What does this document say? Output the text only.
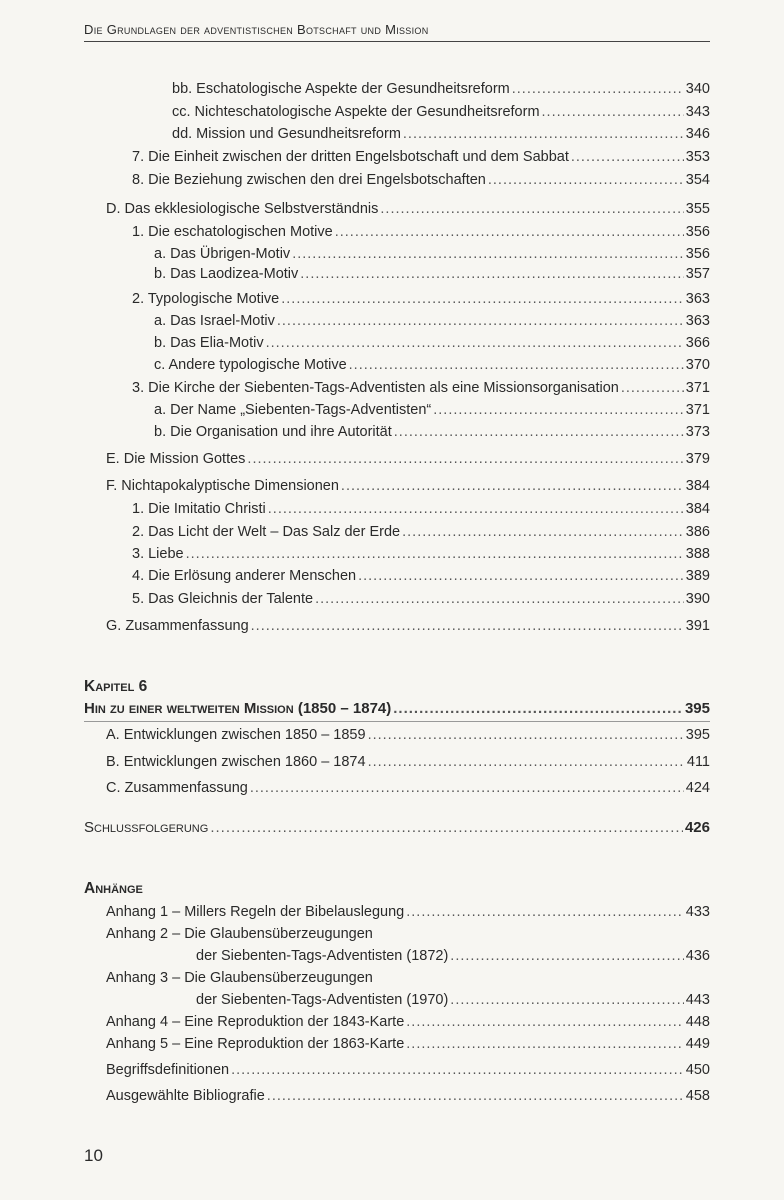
Die Grundlagen der adventistischen Botschaft und Mission
bb. Eschatologische Aspekte der Gesundheitsreform .....	340
cc. Nichteschatologische Aspekte der Gesundheitsreform .....	343
dd. Mission und Gesundheitsreform .....	346
7. Die Einheit zwischen der dritten Engelsbotschaft und dem Sabbat .....	353
8. Die Beziehung zwischen den drei Engelsbotschaften .....	354
D. Das ekklesiologische Selbstverständnis .....	355
1. Die eschatologischen Motive .....	356
a. Das Übrigen-Motiv .....	356
b. Das Laodizea-Motiv .....	357
2. Typologische Motive .....	363
a. Das Israel-Motiv .....	363
b. Das Elia-Motiv .....	366
c. Andere typologische Motive .....	370
3. Die Kirche der Siebenten-Tags-Adventisten als eine Missionsorganisation .....	371
a. Der Name „Siebenten-Tags-Adventisten“ .....	371
b. Die Organisation und ihre Autorität .....	373
E. Die Mission Gottes .....	379
F. Nichtapokalyptische Dimensionen .....	384
1. Die Imitatio Christi .....	384
2. Das Licht der Welt – Das Salz der Erde .....	386
3. Liebe .....	388
4. Die Erlösung anderer Menschen .....	389
5. Das Gleichnis der Talente .....	390
G. Zusammenfassung .....	391
Kapitel 6
Hin zu einer weltweiten Mission (1850 – 1874) .....	395
A. Entwicklungen zwischen 1850 – 1859 .....	395
B. Entwicklungen zwischen 1860 – 1874 .....	411
C. Zusammenfassung .....	424
Schlussfolgerung .....	426
Anhänge
Anhang 1 – Millers Regeln der Bibelauslegung .....	433
Anhang 2 – Die Glaubensüberzeugungen
der Siebenten-Tags-Adventisten (1872) .....	436
Anhang 3 – Die Glaubensüberzeugungen
der Siebenten-Tags-Adventisten (1970) .....	443
Anhang 4 – Eine Reproduktion der 1843-Karte .....	448
Anhang 5 – Eine Reproduktion der 1863-Karte .....	449
Begriffsdefinitionen .....	450
Ausgewählte Bibliografie .....	458
10
